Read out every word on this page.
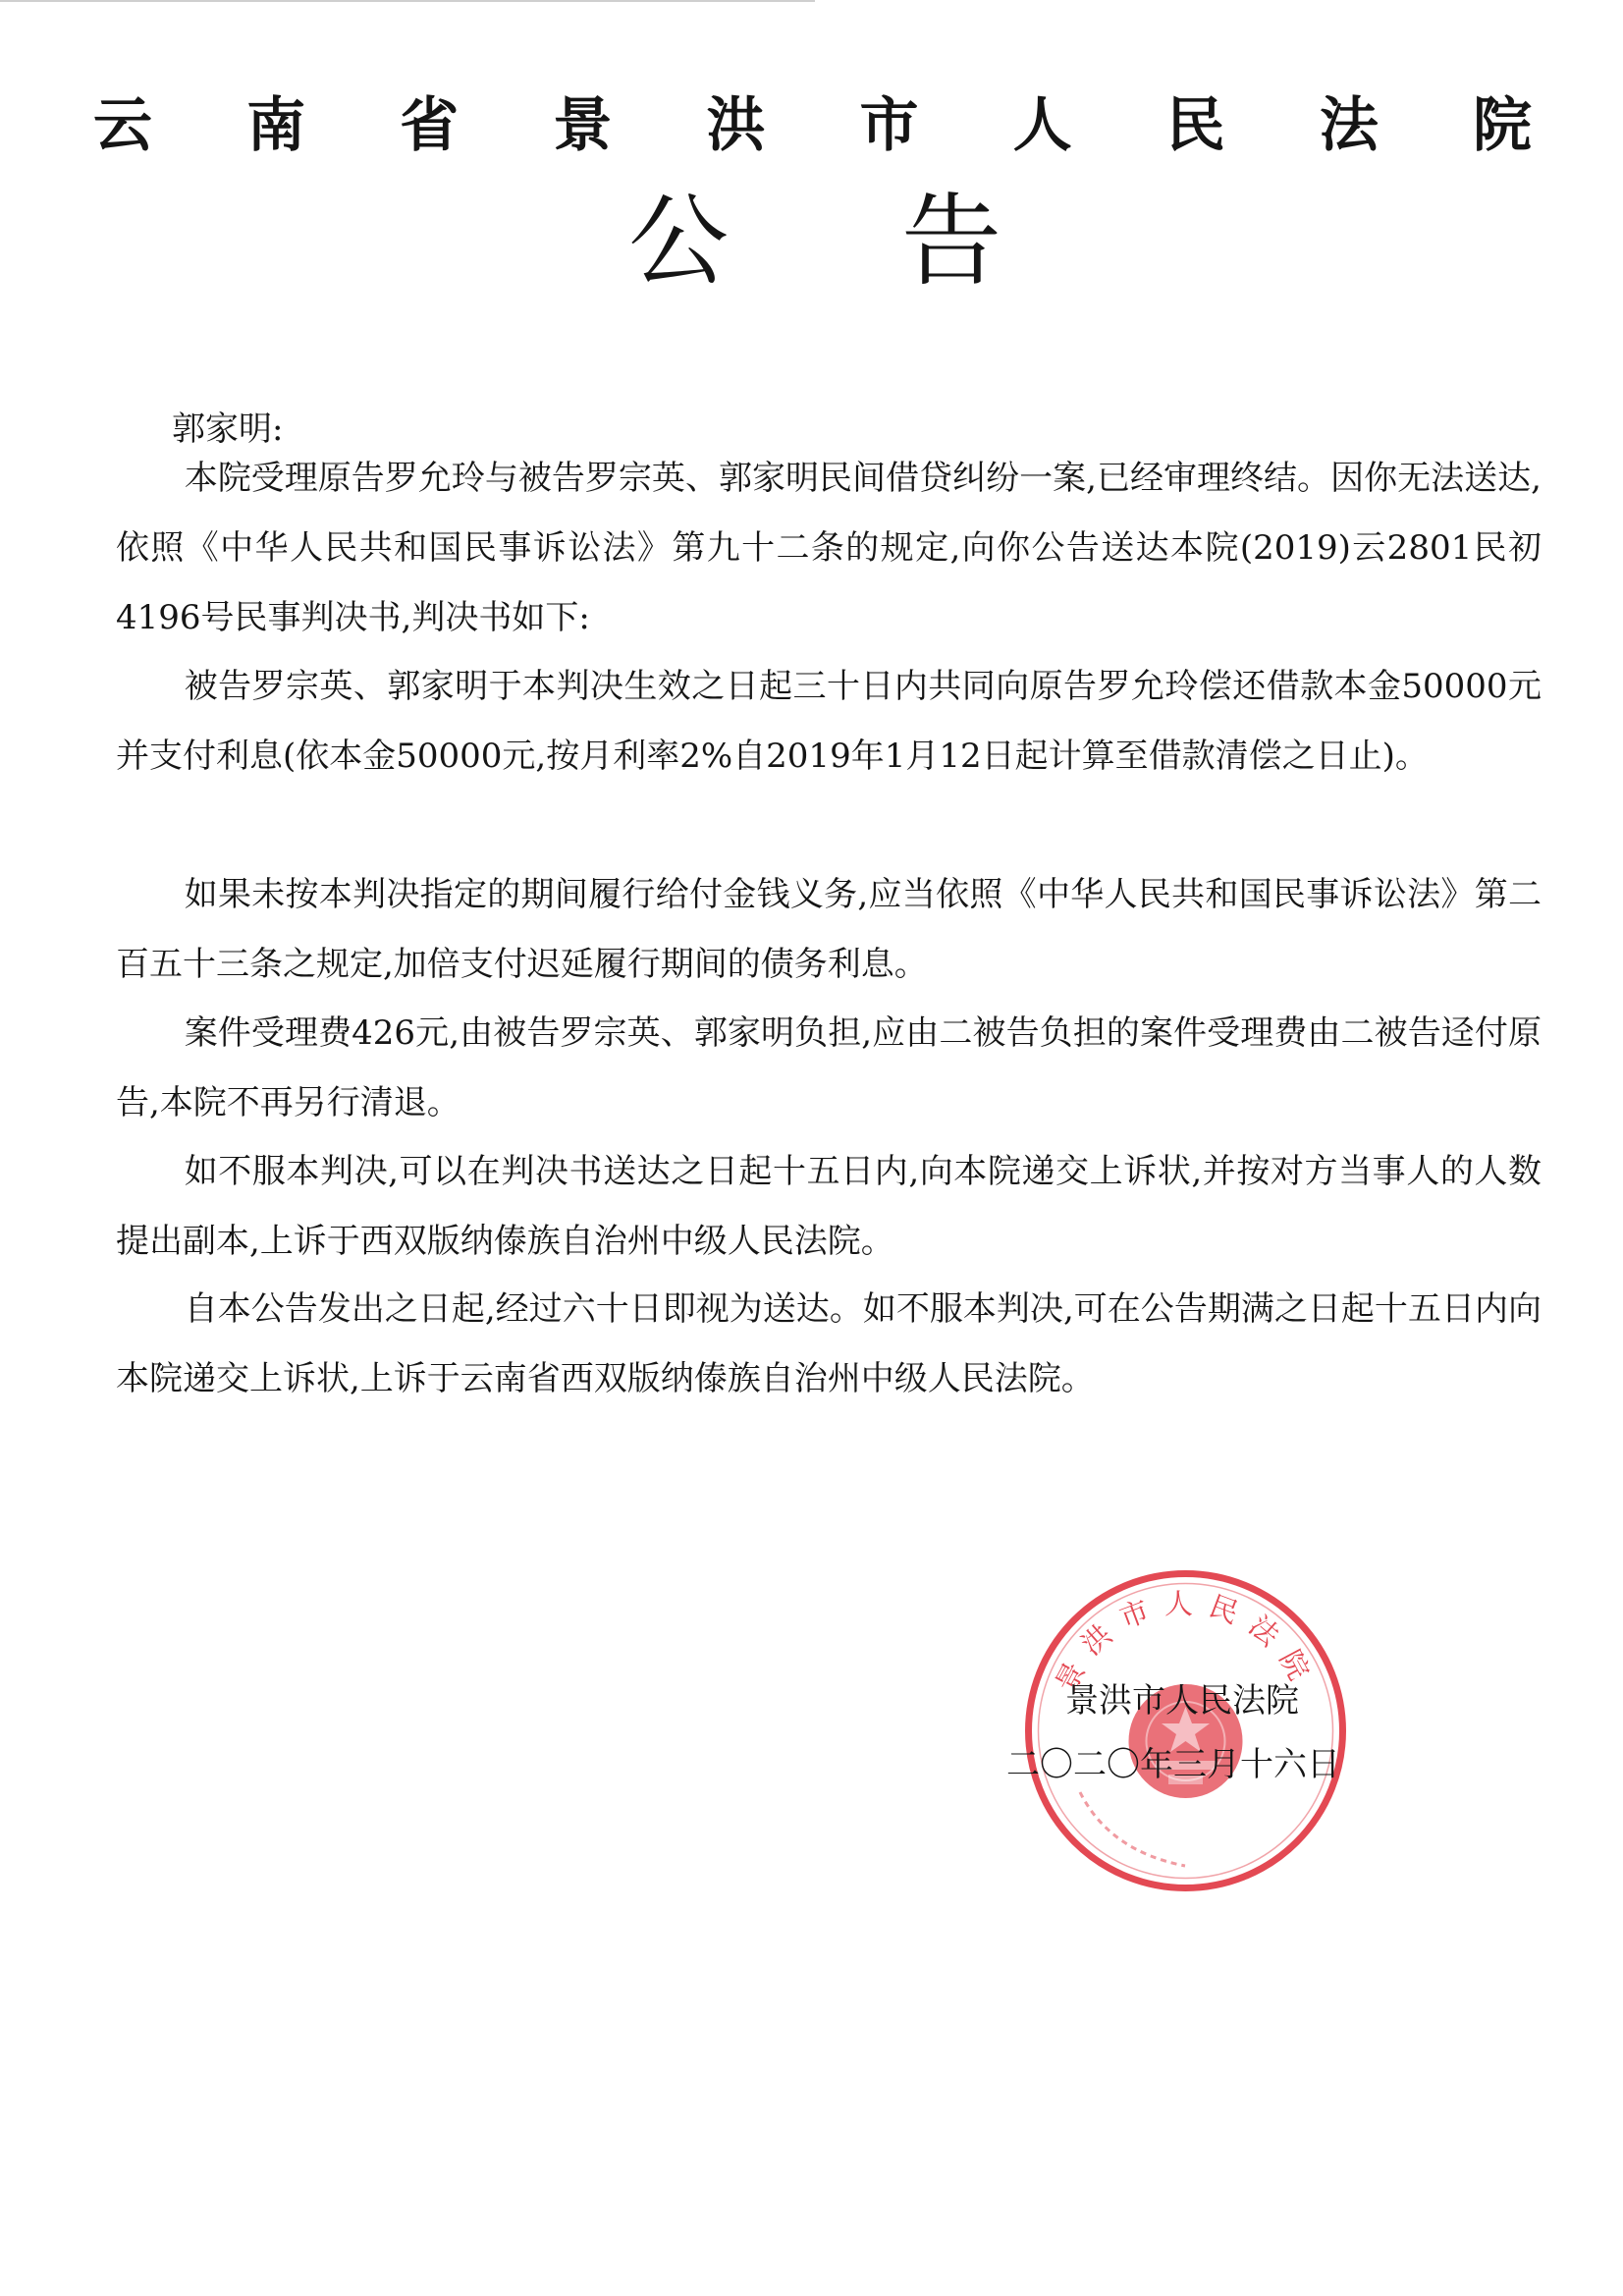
云 南 省 景 洪 市 人 民 法 院
公 告
郭家明:
本院受理原告罗允玲与被告罗宗英、郭家明民间借贷纠纷一案,已经审理终结。因你无法送达,依照《中华人民共和国民事诉讼法》第九十二条的规定,向你公告送达本院(2019)云2801民初4196号民事判决书,判决书如下:
被告罗宗英、郭家明于本判决生效之日起三十日内共同向原告罗允玲偿还借款本金50000元并支付利息(依本金50000元,按月利率2%自2019年1月12日起计算至借款清偿之日止)。
如果未按本判决指定的期间履行给付金钱义务,应当依照《中华人民共和国民事诉讼法》第二百五十三条之规定,加倍支付迟延履行期间的债务利息。
案件受理费426元,由被告罗宗英、郭家明负担,应由二被告负担的案件受理费由二被告迳付原告,本院不再另行清退。
如不服本判决,可以在判决书送达之日起十五日内,向本院递交上诉状,并按对方当事人的人数提出副本,上诉于西双版纳傣族自治州中级人民法院。
自本公告发出之日起,经过六十日即视为送达。如不服本判决,可在公告期满之日起十五日内向本院递交上诉状,上诉于云南省西双版纳傣族自治州中级人民法院。
景洪市人民法院
景洪市人民法院
二〇二〇年三月十六日
